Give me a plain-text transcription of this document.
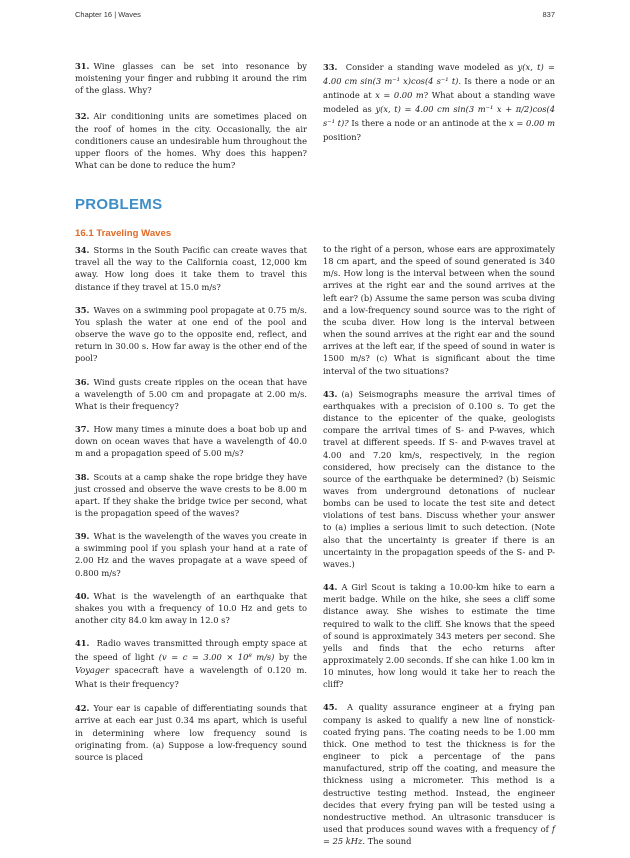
Chapter 16 | Waves	837

31. Wine glasses can be set into resonance by moistening your finger and rubbing it around the rim of the glass. Why?

32. Air conditioning units are sometimes placed on the roof of homes in the city. Occasionally, the air conditioners cause an undesirable hum throughout the upper floors of the homes. Why does this happen? What can be done to reduce the hum?

33. Consider a standing wave modeled as y(x, t) = 4.00 cm sin(3 m⁻¹ x)cos(4 s⁻¹ t). Is there a node or an antinode at x = 0.00 m? What about a standing wave modeled as y(x, t) = 4.00 cm sin(3 m⁻¹ x + π/2)cos(4 s⁻¹ t)? Is there a node or an antinode at the x = 0.00 m position?

PROBLEMS
16.1 Traveling Waves

34. Storms in the South Pacific can create waves that travel all the way to the California coast, 12,000 km away. How long does it take them to travel this distance if they travel at 15.0 m/s?

35. Waves on a swimming pool propagate at 0.75 m/s. You splash the water at one end of the pool and observe the wave go to the opposite end, reflect, and return in 30.00 s. How far away is the other end of the pool?

36. Wind gusts create ripples on the ocean that have a wavelength of 5.00 cm and propagate at 2.00 m/s. What is their frequency?

37. How many times a minute does a boat bob up and down on ocean waves that have a wavelength of 40.0 m and a propagation speed of 5.00 m/s?

38. Scouts at a camp shake the rope bridge they have just crossed and observe the wave crests to be 8.00 m apart. If they shake the bridge twice per second, what is the propagation speed of the waves?

39. What is the wavelength of the waves you create in a swimming pool if you splash your hand at a rate of 2.00 Hz and the waves propagate at a wave speed of 0.800 m/s?

40. What is the wavelength of an earthquake that shakes you with a frequency of 10.0 Hz and gets to another city 84.0 km away in 12.0 s?

41. Radio waves transmitted through empty space at the speed of light (v = c = 3.00 × 10⁸ m/s) by the Voyager spacecraft have a wavelength of 0.120 m. What is their frequency?

42. Your ear is capable of differentiating sounds that arrive at each ear just 0.34 ms apart, which is useful in determining where low frequency sound is originating from. (a) Suppose a low-frequency sound source is placed

to the right of a person, whose ears are approximately 18 cm apart, and the speed of sound generated is 340 m/s. How long is the interval between when the sound arrives at the right ear and the sound arrives at the left ear? (b) Assume the same person was scuba diving and a low-frequency sound source was to the right of the scuba diver. How long is the interval between when the sound arrives at the right ear and the sound arrives at the left ear, if the speed of sound in water is 1500 m/s? (c) What is significant about the time interval of the two situations?

43. (a) Seismographs measure the arrival times of earthquakes with a precision of 0.100 s. To get the distance to the epicenter of the quake, geologists compare the arrival times of S- and P-waves, which travel at different speeds. If S- and P-waves travel at 4.00 and 7.20 km/s, respectively, in the region considered, how precisely can the distance to the source of the earthquake be determined? (b) Seismic waves from underground detonations of nuclear bombs can be used to locate the test site and detect violations of test bans. Discuss whether your answer to (a) implies a serious limit to such detection. (Note also that the uncertainty is greater if there is an uncertainty in the propagation speeds of the S- and P-waves.)

44. A Girl Scout is taking a 10.00-km hike to earn a merit badge. While on the hike, she sees a cliff some distance away. She wishes to estimate the time required to walk to the cliff. She knows that the speed of sound is approximately 343 meters per second. She yells and finds that the echo returns after approximately 2.00 seconds. If she can hike 1.00 km in 10 minutes, how long would it take her to reach the cliff?

45. A quality assurance engineer at a frying pan company is asked to qualify a new line of nonstick-coated frying pans. The coating needs to be 1.00 mm thick. One method to test the thickness is for the engineer to pick a percentage of the pans manufactured, strip off the coating, and measure the thickness using a micrometer. This method is a destructive testing method. Instead, the engineer decides that every frying pan will be tested using a nondestructive method. An ultrasonic transducer is used that produces sound waves with a frequency of f = 25 kHz. The sound
